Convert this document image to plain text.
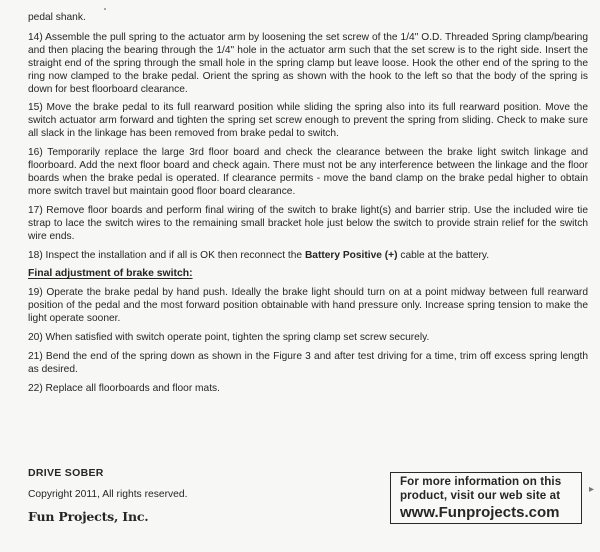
pedal shank.

14) Assemble the pull spring to the actuator arm by loosening the set screw of the 1/4" O.D. Threaded Spring clamp/bearing and then placing the bearing through the 1/4" hole in the actuator arm such that the set screw is to the right side. Insert the straight end of the spring through the small hole in the spring clamp but leave loose. Hook the other end of the spring to the ring now clamped to the brake pedal. Orient the spring as shown with the hook to the left so that the body of the spring is down for best floorboard clearance.

15) Move the brake pedal to its full rearward position while sliding the spring also into its full rearward position. Move the switch actuator arm forward and tighten the spring set screw enough to prevent the spring from sliding. Check to make sure all slack in the linkage has been removed from brake pedal to switch.

16) Temporarily replace the large 3rd floor board and check the clearance between the brake light switch linkage and floorboard. Add the next floor board and check again. There must not be any interference between the linkage and the floor boards when the brake pedal is operated. If clearance permits - move the band clamp on the brake pedal higher to obtain more switch travel but maintain good floor board clearance.

17) Remove floor boards and perform final wiring of the switch to brake light(s) and barrier strip. Use the included wire tie strap to lace the switch wires to the remaining small bracket hole just below the switch to provide strain relief for the switch wire ends.

18) Inspect the installation and if all is OK then reconnect the Battery Positive (+) cable at the battery.

Final adjustment of brake switch:

19) Operate the brake pedal by hand push. Ideally the brake light should turn on at a point midway between full rearward position of the pedal and the most forward position obtainable with hand pressure only. Increase spring tension to make the light operate sooner.

20) When satisfied with switch operate point, tighten the spring clamp set screw securely.

21) Bend the end of the spring down as shown in the Figure 3 and after test driving for a time, trim off excess spring length as desired.

22) Replace all floorboards and floor mats.

DRIVE SOBER
Copyright 2011, All rights reserved.
Fun Projects, Inc.
For more information on this
product, visit our web site at
www.Funprojects.com
▸
